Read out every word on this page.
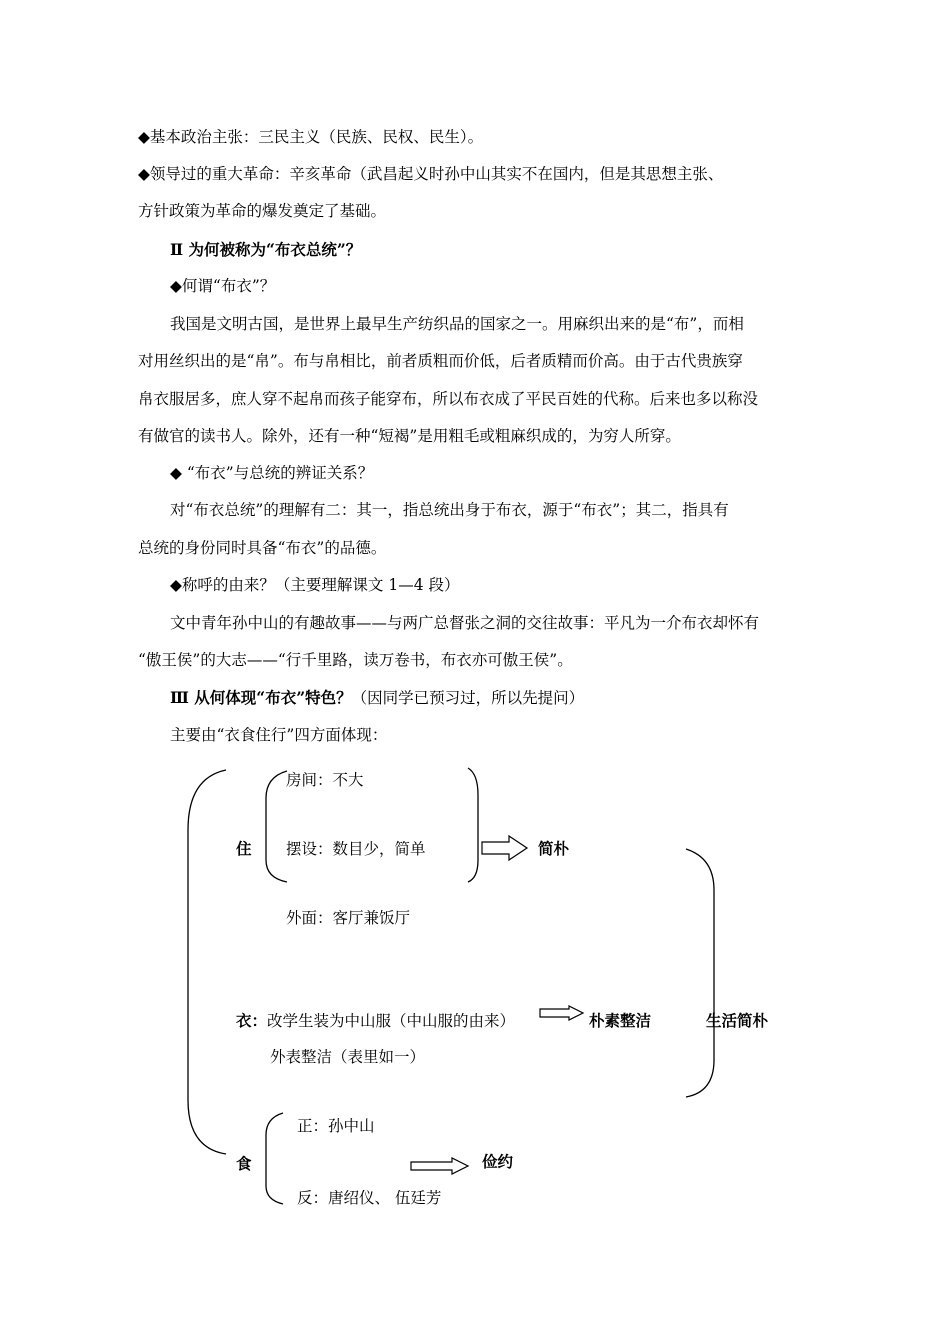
◆基本政治主张：三民主义（民族、民权、民生）。
◆领导过的重大革命：辛亥革命（武昌起义时孙中山其实不在国内，但是其思想主张、
方针政策为革命的爆发奠定了基础。
Ⅱ 为何被称为“布衣总统”？
◆何谓“布衣”？
我国是文明古国，是世界上最早生产纺织品的国家之一。用麻织出来的是“布”，而相
对用丝织出的是“帛”。布与帛相比，前者质粗而价低，后者质精而价高。由于古代贵族穿
帛衣服居多，庶人穿不起帛而孩子能穿布，所以布衣成了平民百姓的代称。后来也多以称没
有做官的读书人。除外，还有一种“短褐”是用粗毛或粗麻织成的，为穷人所穿。
◆ “布衣”与总统的辨证关系？
对“布衣总统”的理解有二：其一，指总统出身于布衣，源于“布衣”；其二，指具有
总统的身份同时具备“布衣”的品德。
◆称呼的由来？（主要理解课文 1—4 段）
文中青年孙中山的有趣故事——与两广总督张之洞的交往故事：平凡为一介布衣却怀有
“傲王侯”的大志——“行千里路，读万卷书，布衣亦可傲王侯”。
Ⅲ 从何体现“布衣”特色？（因同学已预习过，所以先提问）
主要由“衣食住行”四方面体现：
房间：不大
住 摆设：数目少，简单	简朴
外面：客厅兼饭厅
衣：改学生装为中山服（中山服的由来）	朴素整洁	生活简朴
外表整洁（表里如一）
正：孙中山
食	俭约
反：唐绍仪、 伍廷芳
